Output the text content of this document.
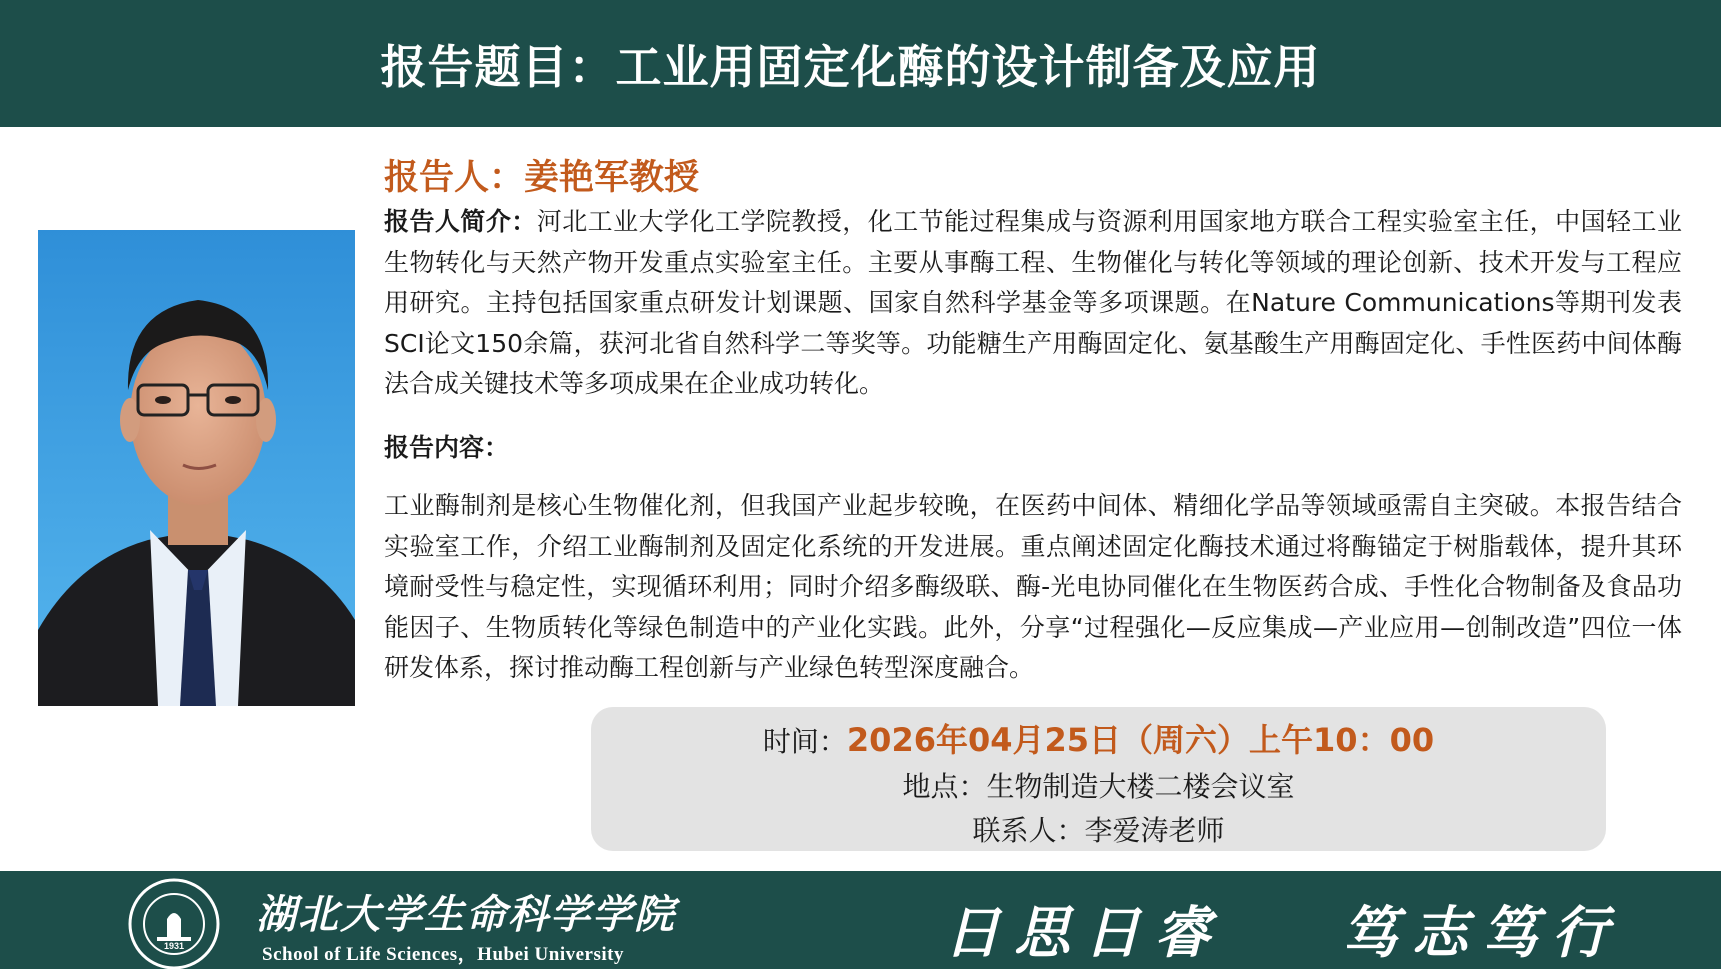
报告题目：工业用固定化酶的设计制备及应用

报告人：姜艳军教授

报告人简介：河北工业大学化工学院教授，化工节能过程集成与资源利用国家地方联合工程实验室主任，中国轻工业生物转化与天然产物开发重点实验室主任。主要从事酶工程、生物催化与转化等领域的理论创新、技术开发与工程应用研究。主持包括国家重点研发计划课题、国家自然科学基金等多项课题。在Nature Communications等期刊发表SCI论文150余篇，获河北省自然科学二等奖等。功能糖生产用酶固定化、氨基酸生产用酶固定化、手性医药中间体酶法合成关键技术等多项成果在企业成功转化。

报告内容：

工业酶制剂是核心生物催化剂，但我国产业起步较晚，在医药中间体、精细化学品等领域亟需自主突破。本报告结合实验室工作，介绍工业酶制剂及固定化系统的开发进展。重点阐述固定化酶技术通过将酶锚定于树脂载体，提升其环境耐受性与稳定性，实现循环利用；同时介绍多酶级联、酶-光电协同催化在生物医药合成、手性化合物制备及食品功能因子、生物质转化等绿色制造中的产业化实践。此外，分享“过程强化—反应集成—产业应用—创制改造”四位一体研发体系，探讨推动酶工程创新与产业绿色转型深度融合。

时间：2026年04月25日（周六）上午10：00

地点：生物制造大楼二楼会议室

联系人：李爱涛老师

1931

湖北大学生命科学学院

School of Life Sciences，Hubei University	日思日睿 笃志笃行
